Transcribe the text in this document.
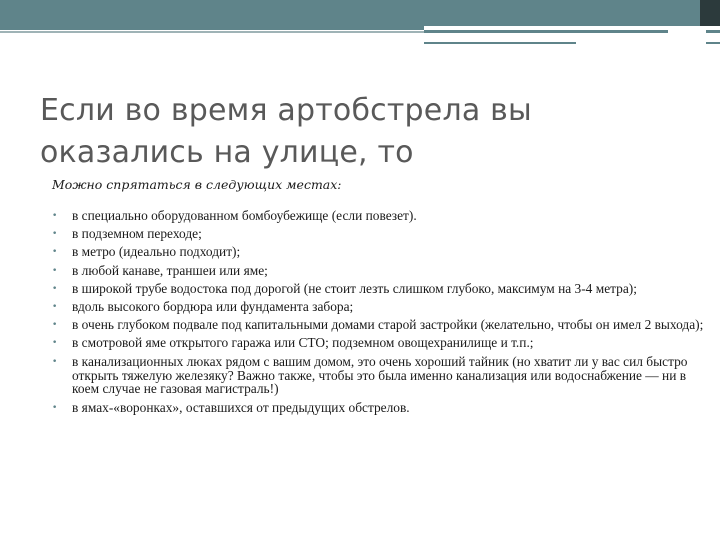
Если во время артобстрела вы оказались на улице, то

Можно спрятаться в следующих местах:

• в специально оборудованном бомбоубежище (если повезет).
• в подземном переходе;
• в метро (идеально подходит);
• в любой канаве, траншеи или яме;
• в широкой трубе водостока под дорогой (не стоит лезть слишком глубоко, максимум на 3-4 метра);
• вдоль высокого бордюра или фундамента забора;
• в очень глубоком подвале под капитальными домами старой застройки (желательно, чтобы он имел 2 выхода);
• в смотровой яме открытого гаража или СТО; подземном овощехранилище и т.п.;
• в канализационных люках рядом с вашим домом, это очень хороший тайник (но хватит ли у вас сил быстро открыть тяжелую железяку? Важно также, чтобы это была именно канализация или водоснабжение — ни в коем случае не газовая магистраль!)
• в ямах-«воронках», оставшихся от предыдущих обстрелов.
